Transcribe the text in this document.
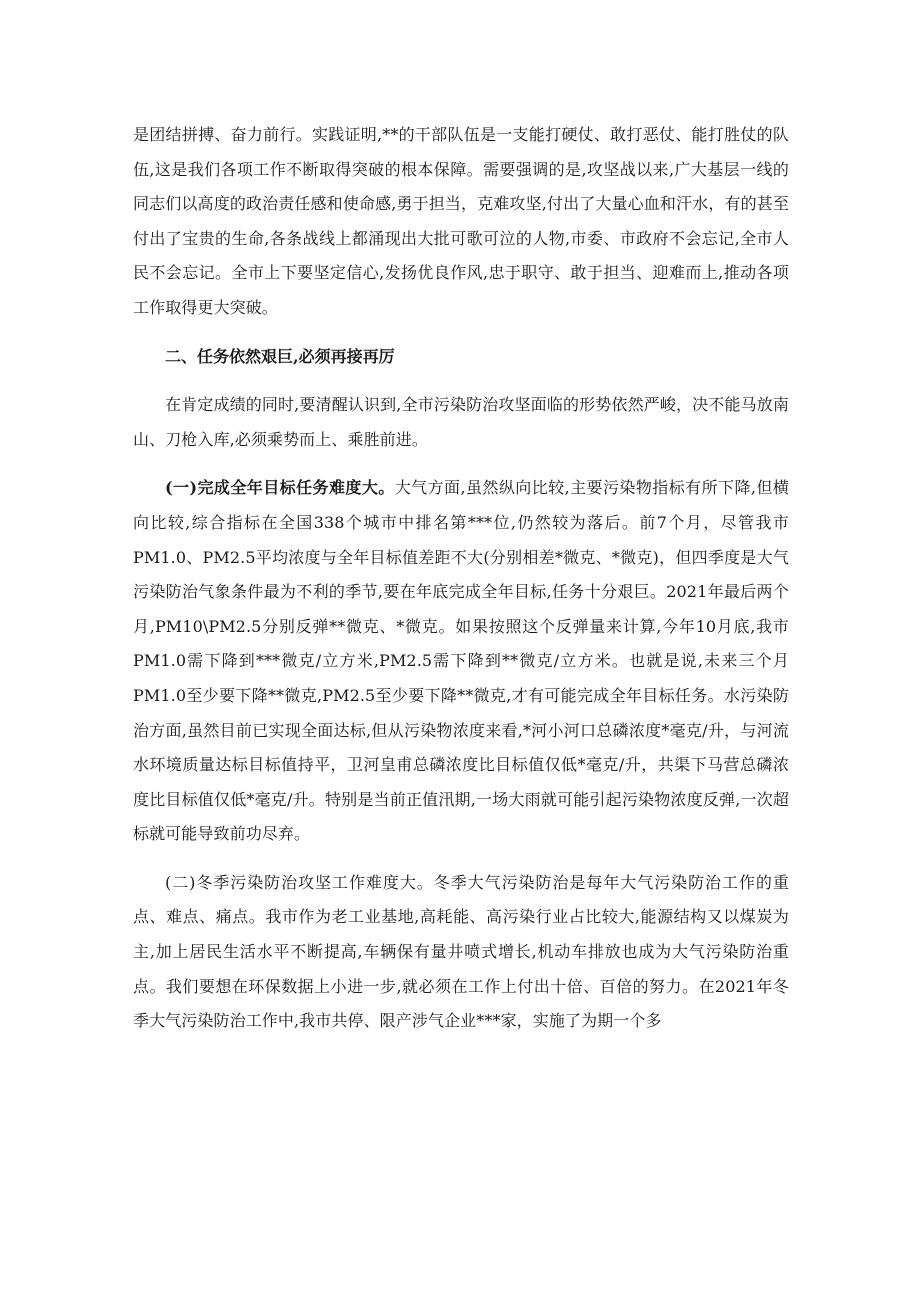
是团结拼搏、奋力前行。实践证明,**的干部队伍是一支能打硬仗、敢打恶仗、能打胜仗的队伍,这是我们各项工作不断取得突破的根本保障。需要强调的是,攻坚战以来,广大基层一线的同志们以高度的政治责任感和使命感,勇于担当，克难攻坚,付出了大量心血和汗水，有的甚至付出了宝贵的生命,各条战线上都涌现出大批可歌可泣的人物,市委、市政府不会忘记,全市人民不会忘记。全市上下要坚定信心,发扬优良作风,忠于职守、敢于担当、迎难而上,推动各项工作取得更大突破。

二、任务依然艰巨,必须再接再厉

在肯定成绩的同时,要清醒认识到,全市污染防治攻坚面临的形势依然严峻，决不能马放南山、刀枪入库,必须乘势而上、乘胜前进。

(一)完成全年目标任务难度大。大气方面,虽然纵向比较,主要污染物指标有所下降,但横向比较,综合指标在全国338个城市中排名第***位,仍然较为落后。前7个月，尽管我市PM1.0、PM2.5平均浓度与全年目标值差距不大(分别相差*微克、*微克)，但四季度是大气污染防治气象条件最为不利的季节,要在年底完成全年目标,任务十分艰巨。2021年最后两个月,PM10\PM2.5分别反弹**微克、*微克。如果按照这个反弹量来计算,今年10月底,我市PM1.0需下降到***微克/立方米,PM2.5需下降到**微克/立方米。也就是说,未来三个月PM1.0至少要下降**微克,PM2.5至少要下降**微克,才有可能完成全年目标任务。水污染防治方面,虽然目前已实现全面达标,但从污染物浓度来看,*河小河口总磷浓度*毫克/升，与河流水环境质量达标目标值持平，卫河皇甫总磷浓度比目标值仅低*毫克/升，共渠下马营总磷浓度比目标值仅低*毫克/升。特别是当前正值汛期,一场大雨就可能引起污染物浓度反弹,一次超标就可能导致前功尽弃。

(二)冬季污染防治攻坚工作难度大。冬季大气污染防治是每年大气污染防治工作的重点、难点、痛点。我市作为老工业基地,高耗能、高污染行业占比较大,能源结构又以煤炭为主,加上居民生活水平不断提高,车辆保有量井喷式增长,机动车排放也成为大气污染防治重点。我们要想在环保数据上小进一步,就必须在工作上付出十倍、百倍的努力。在2021年冬季大气污染防治工作中,我市共停、限产涉气企业***家，实施了为期一个多
